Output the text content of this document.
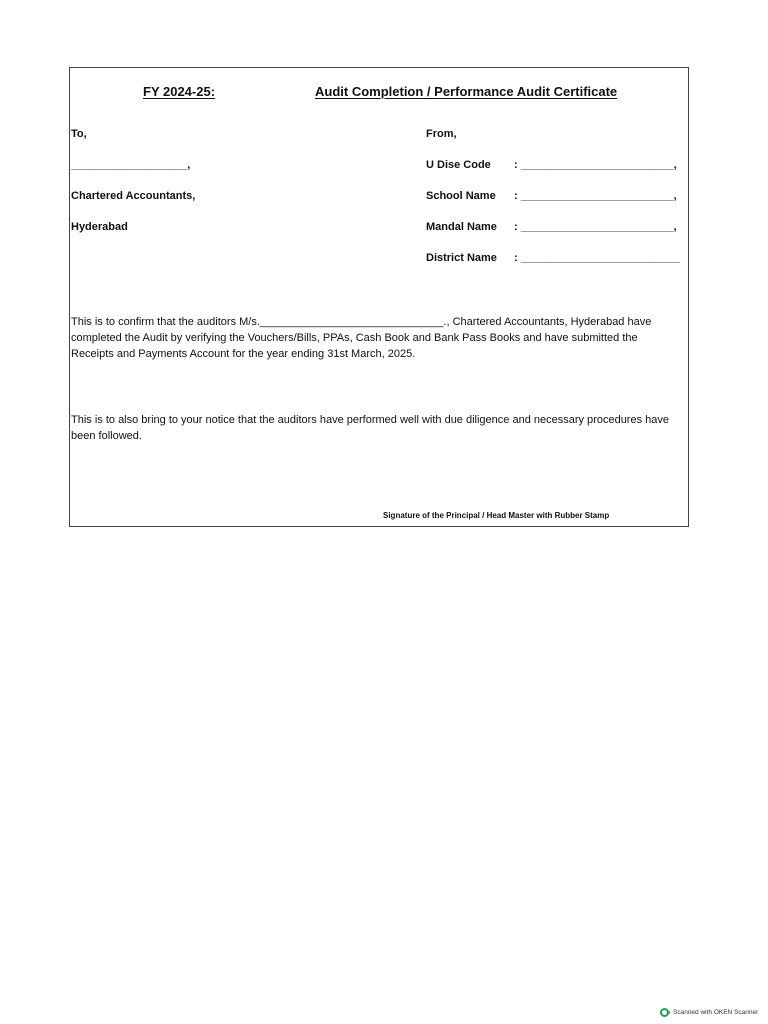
FY 2024-25:	Audit Completion / Performance Audit Certificate
To,
___________________,
Chartered Accountants,
Hyderabad
From,
U Dise Code : _________________________,
School Name : _________________________,
Mandal Name : _________________________,
District Name : __________________________

This is to confirm that the auditors M/s.______________________________., Chartered Accountants, Hyderabad have completed the Audit by verifying the Vouchers/Bills, PPAs, Cash Book and Bank Pass Books and have submitted the Receipts and Payments Account for the year ending 31st March, 2025.

This is to also bring to your notice that the auditors have performed well with due diligence and necessary procedures have been followed.

Signature of the Principal / Head Master with Rubber Stamp
Scanned with OKEN Scanner
